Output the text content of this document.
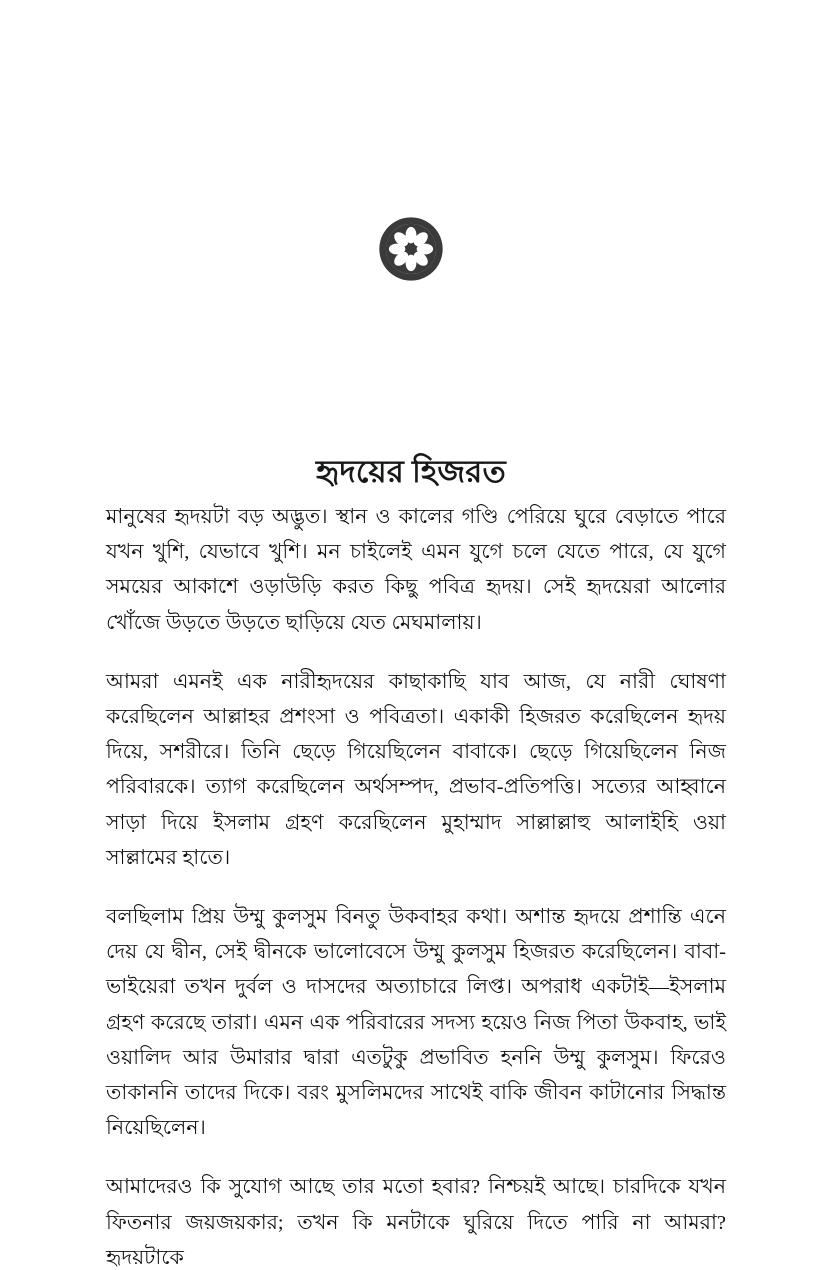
হৃদয়ের হিজরত

মানুষের হৃদয়টা বড় অদ্ভুত। স্থান ও কালের গণ্ডি পেরিয়ে ঘুরে বেড়াতে পারে যখন খুশি, যেভাবে খুশি। মন চাইলেই এমন যুগে চলে যেতে পারে, যে যুগে সময়ের আকাশে ওড়াউড়ি করত কিছু পবিত্র হৃদয়। সেই হৃদয়েরা আলোর খোঁজে উড়তে উড়তে ছাড়িয়ে যেত মেঘমালায়।

আমরা এমনই এক নারীহৃদয়ের কাছাকাছি যাব আজ, যে নারী ঘোষণা করেছিলেন আল্লাহর প্রশংসা ও পবিত্রতা। একাকী হিজরত করেছিলেন হৃদয় দিয়ে, সশরীরে। তিনি ছেড়ে গিয়েছিলেন বাবাকে। ছেড়ে গিয়েছিলেন নিজ পরিবারকে। ত্যাগ করেছিলেন অর্থসম্পদ, প্রভাব-প্রতিপত্তি। সত্যের আহ্বানে সাড়া দিয়ে ইসলাম গ্রহণ করেছিলেন মুহাম্মাদ সাল্লাল্লাহু আলাইহি ওয়া সাল্লামের হাতে।

বলছিলাম প্রিয় উম্মু কুলসুম বিনতু উকবাহর কথা। অশান্ত হৃদয়ে প্রশান্তি এনে দেয় যে দ্বীন, সেই দ্বীনকে ভালোবেসে উম্মু কুলসুম হিজরত করেছিলেন। বাবা-ভাইয়েরা তখন দুর্বল ও দাসদের অত্যাচারে লিপ্ত। অপরাধ একটাই—ইসলাম গ্রহণ করেছে তারা। এমন এক পরিবারের সদস্য হয়েও নিজ পিতা উকবাহ, ভাই ওয়ালিদ আর উমারার দ্বারা এতটুকু প্রভাবিত হননি উম্মু কুলসুম। ফিরেও তাকাননি তাদের দিকে। বরং মুসলিমদের সাথেই বাকি জীবন কাটানোর সিদ্ধান্ত নিয়েছিলেন।

আমাদেরও কি সুযোগ আছে তার মতো হবার? নিশ্চয়ই আছে। চারদিকে যখন ফিতনার জয়জয়কার; তখন কি মনটাকে ঘুরিয়ে দিতে পারি না আমরা? হৃদয়টাকে
